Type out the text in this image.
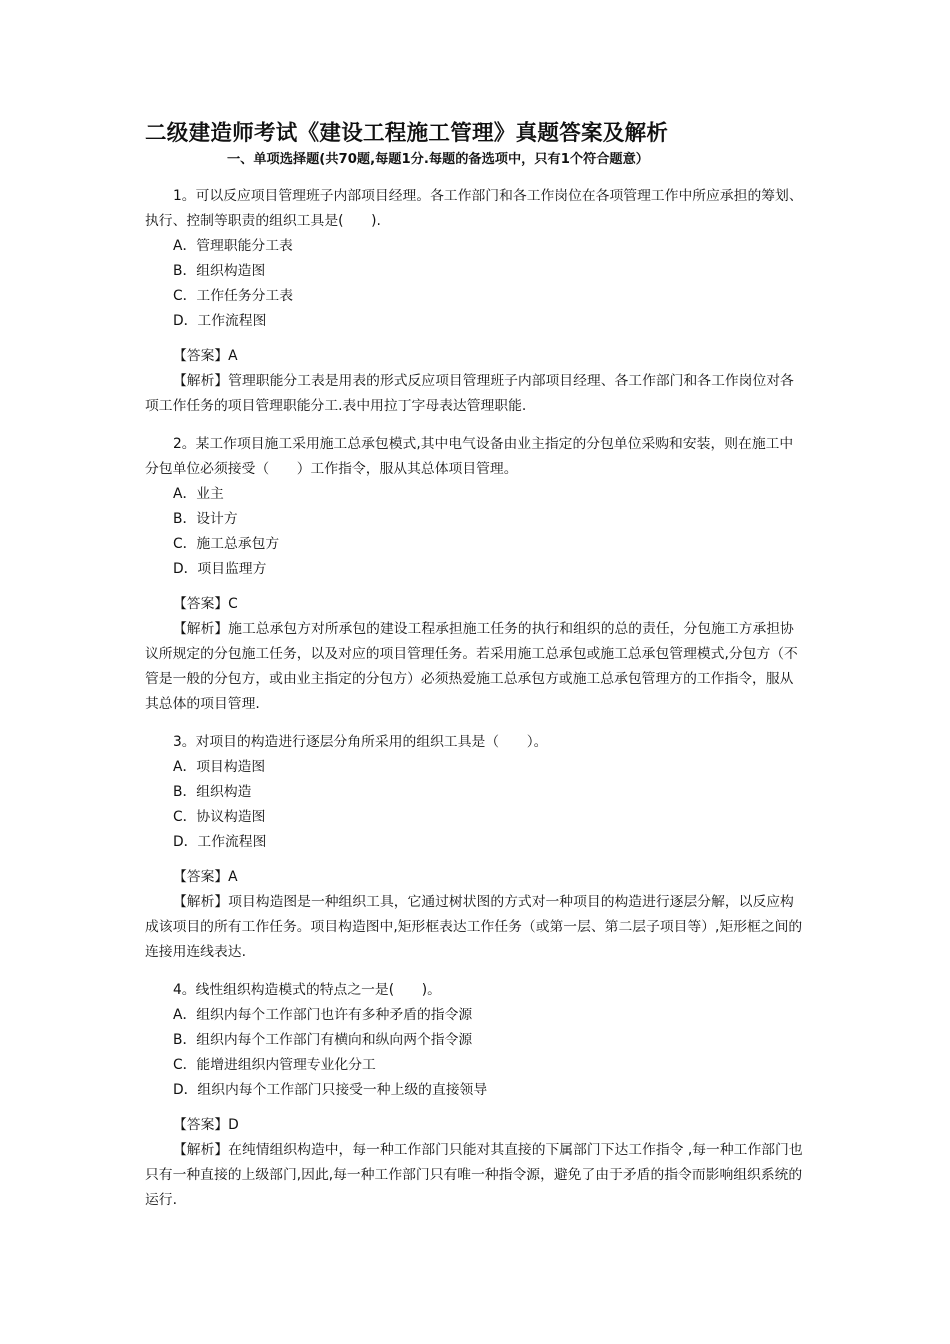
二级建造师考试《建设工程施工管理》真题答案及解析
一、单项选择题(共70题,每题1分.每题的备选项中，只有1个符合题意）

1。可以反应项目管理班子内部项目经理。各工作部门和各工作岗位在各项管理工作中所应承担的筹划、执行、控制等职责的组织工具是(　　).

A．管理职能分工表

B．组织构造图

C．工作任务分工表

D．工作流程图

【答案】A

【解析】管理职能分工表是用表的形式反应项目管理班子内部项目经理、各工作部门和各工作岗位对各项工作任务的项目管理职能分工.表中用拉丁字母表达管理职能.

2。某工作项目施工采用施工总承包模式,其中电气设备由业主指定的分包单位采购和安装，则在施工中分包单位必须接受（　　）工作指令，服从其总体项目管理。

A．业主

B．设计方

C．施工总承包方

D．项目监理方

【答案】C

【解析】施工总承包方对所承包的建设工程承担施工任务的执行和组织的总的责任，分包施工方承担协议所规定的分包施工任务，以及对应的项目管理任务。若采用施工总承包或施工总承包管理模式,分包方（不管是一般的分包方，或由业主指定的分包方）必须热爱施工总承包方或施工总承包管理方的工作指令，服从其总体的项目管理.

3。对项目的构造进行逐层分角所采用的组织工具是（　　）。

A．项目构造图

B．组织构造

C．协议构造图

D．工作流程图

【答案】A

【解析】项目构造图是一种组织工具，它通过树状图的方式对一种项目的构造进行逐层分解，以反应构成该项目的所有工作任务。项目构造图中,矩形框表达工作任务（或第一层、第二层子项目等）,矩形框之间的连接用连线表达.

4。线性组织构造模式的特点之一是(　　)。

A．组织内每个工作部门也许有多种矛盾的指令源

B．组织内每个工作部门有横向和纵向两个指令源

C．能增进组织内管理专业化分工

D．组织内每个工作部门只接受一种上级的直接领导

【答案】D

【解析】在纯情组织构造中，每一种工作部门只能对其直接的下属部门下达工作指令 ,每一种工作部门也只有一种直接的上级部门,因此,每一种工作部门只有唯一种指令源，避免了由于矛盾的指令而影响组织系统的运行.
